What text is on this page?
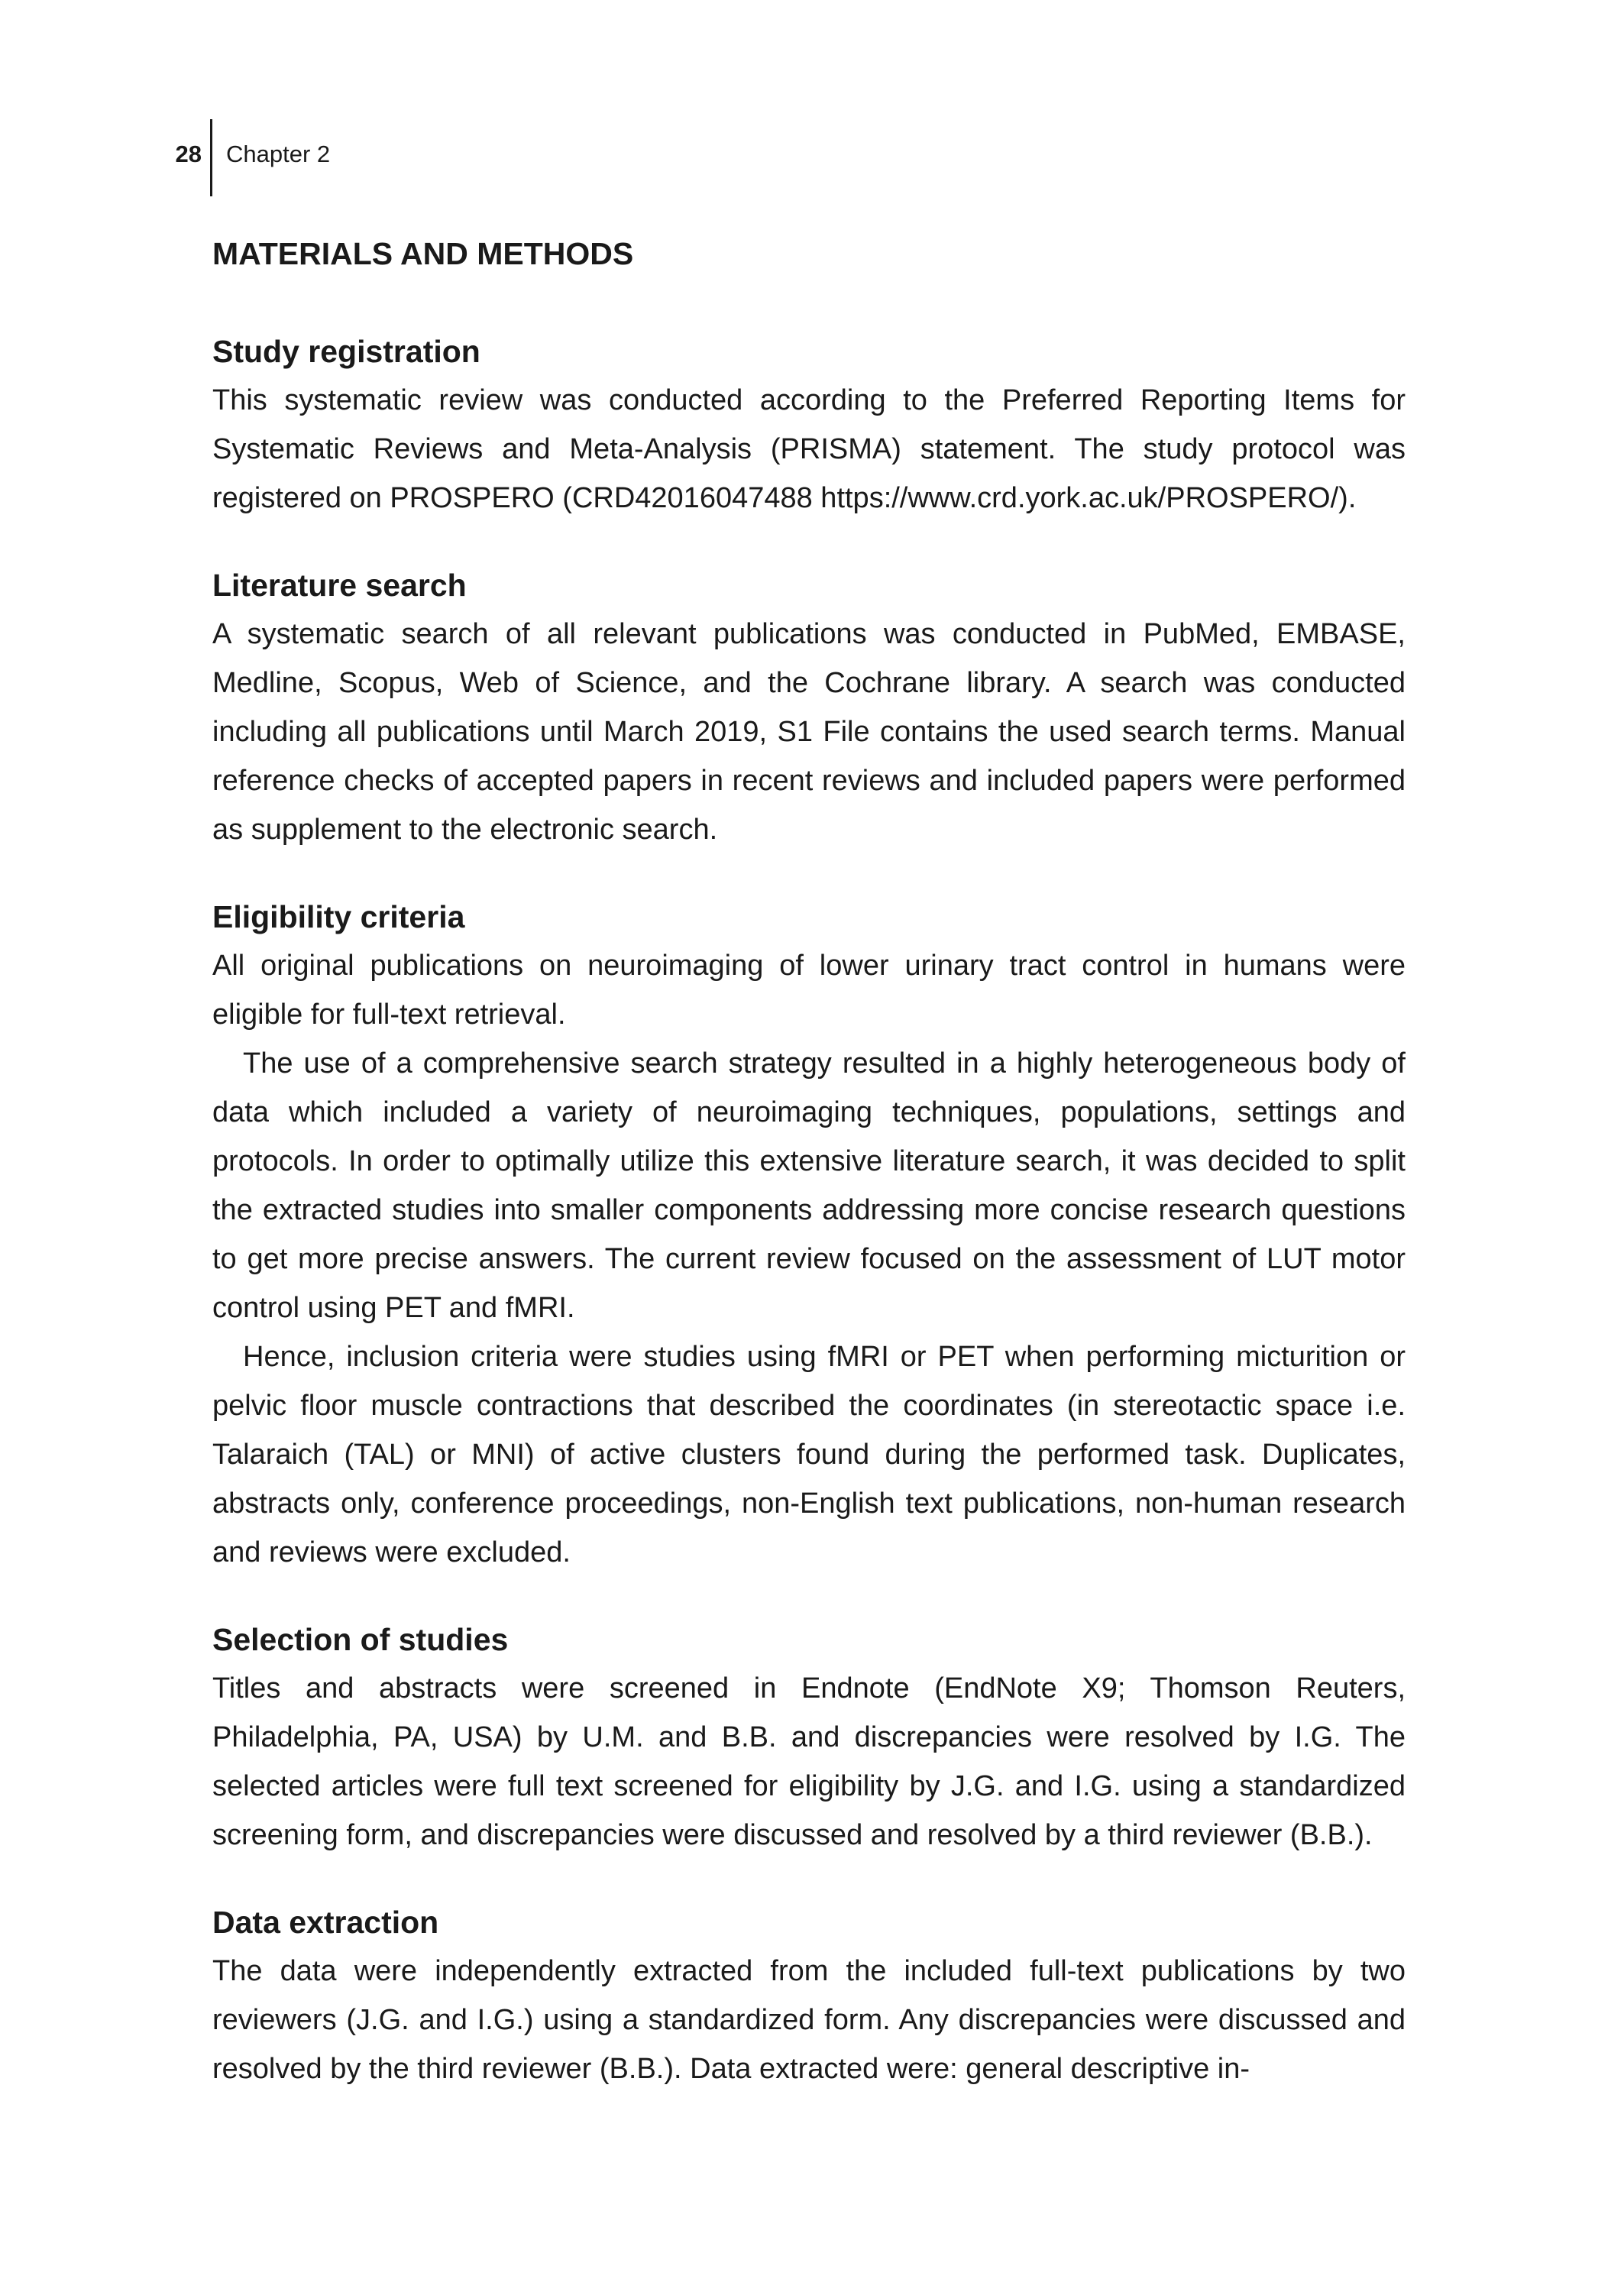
28 Chapter 2
MATERIALS AND METHODS
Study registration

This systematic review was conducted according to the Preferred Reporting Items for Systematic Reviews and Meta-Analysis (PRISMA) statement. The study protocol was registered on PROSPERO (CRD42016047488 https://www.crd.york.ac.uk/PROSPERO/).

Literature search

A systematic search of all relevant publications was conducted in PubMed, EMBASE, Medline, Scopus, Web of Science, and the Cochrane library. A search was conducted including all publications until March 2019, S1 File contains the used search terms. Manual reference checks of accepted papers in recent reviews and included papers were performed as supplement to the electronic search.

Eligibility criteria

All original publications on neuroimaging of lower urinary tract control in humans were eligible for full-text retrieval.

The use of a comprehensive search strategy resulted in a highly heterogeneous body of data which included a variety of neuroimaging techniques, populations, settings and protocols. In order to optimally utilize this extensive literature search, it was decided to split the extracted studies into smaller components addressing more concise research questions to get more precise answers. The current review focused on the assessment of LUT motor control using PET and fMRI.

Hence, inclusion criteria were studies using fMRI or PET when performing micturition or pelvic floor muscle contractions that described the coordinates (in stereotactic space i.e. Talaraich (TAL) or MNI) of active clusters found during the performed task. Duplicates, abstracts only, conference proceedings, non-English text publications, non-human research and reviews were excluded.

Selection of studies

Titles and abstracts were screened in Endnote (EndNote X9; Thomson Reuters, Philadelphia, PA, USA) by U.M. and B.B. and discrepancies were resolved by I.G. The selected articles were full text screened for eligibility by J.G. and I.G. using a standardized screening form, and discrepancies were discussed and resolved by a third reviewer (B.B.).

Data extraction

The data were independently extracted from the included full-text publications by two reviewers (J.G. and I.G.) using a standardized form. Any discrepancies were discussed and resolved by the third reviewer (B.B.). Data extracted were: general descriptive in-
